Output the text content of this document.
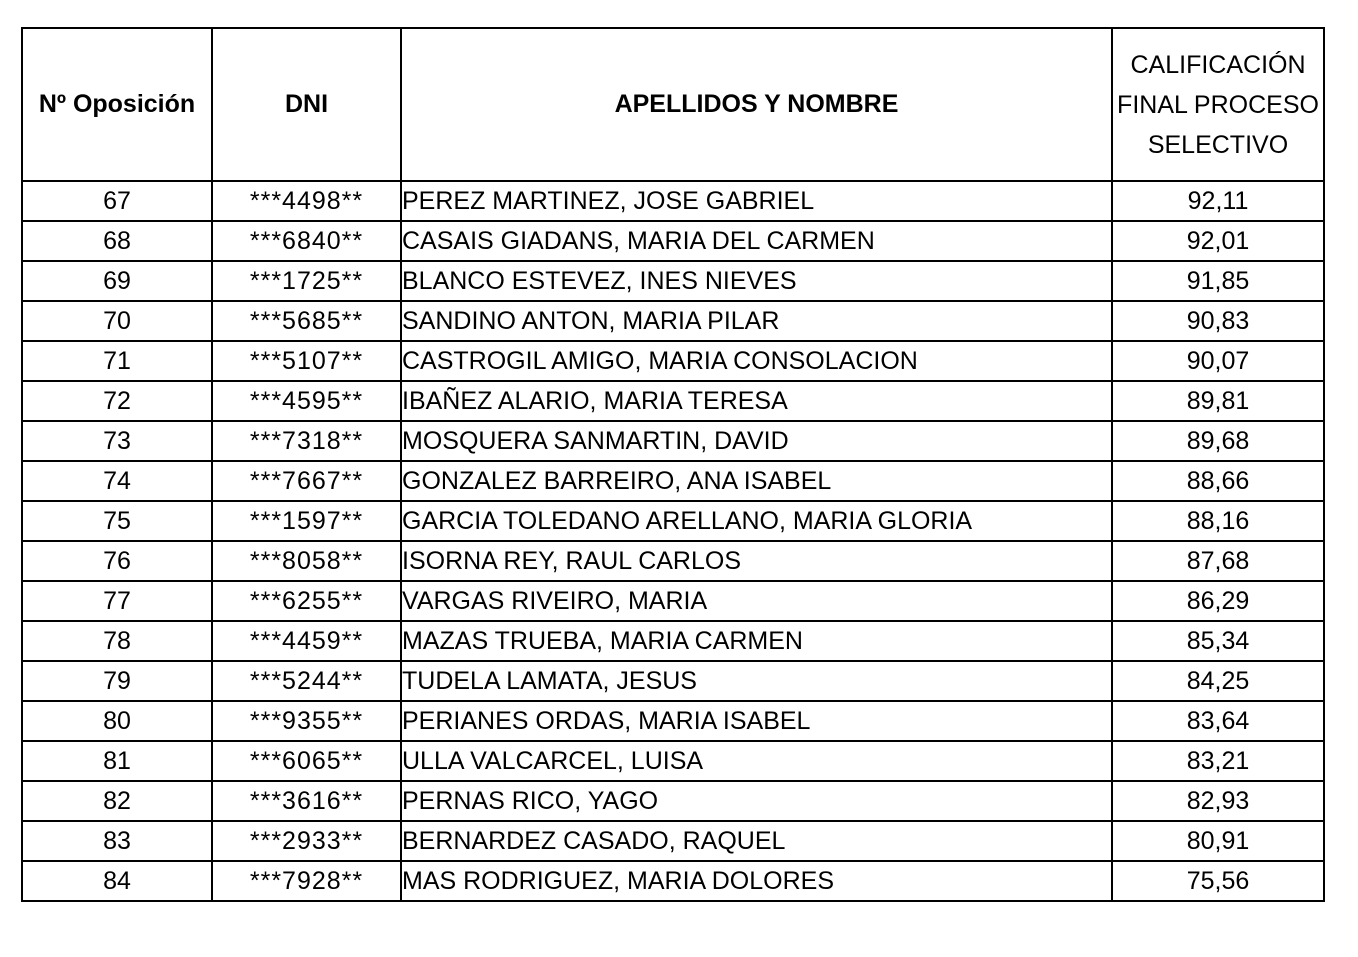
Nº Oposición	DNI	APELLIDOS Y NOMBRE	CALIFICACIÓN
FINAL PROCESO
SELECTIVO

67	***4498**	PEREZ MARTINEZ, JOSE GABRIEL	92,11
68	***6840**	CASAIS GIADANS, MARIA DEL CARMEN	92,01
69	***1725**	BLANCO ESTEVEZ, INES NIEVES	91,85
70	***5685**	SANDINO ANTON, MARIA PILAR	90,83
71	***5107**	CASTROGIL AMIGO, MARIA CONSOLACION	90,07
72	***4595**	IBAÑEZ ALARIO, MARIA TERESA	89,81
73	***7318**	MOSQUERA SANMARTIN, DAVID	89,68
74	***7667**	GONZALEZ BARREIRO, ANA ISABEL	88,66
75	***1597**	GARCIA TOLEDANO ARELLANO, MARIA GLORIA	88,16
76	***8058**	ISORNA REY, RAUL CARLOS	87,68
77	***6255**	VARGAS RIVEIRO, MARIA	86,29
78	***4459**	MAZAS TRUEBA, MARIA CARMEN	85,34
79	***5244**	TUDELA LAMATA, JESUS	84,25
80	***9355**	PERIANES ORDAS, MARIA ISABEL	83,64
81	***6065**	ULLA VALCARCEL, LUISA	83,21
82	***3616**	PERNAS RICO, YAGO	82,93
83	***2933**	BERNARDEZ CASADO, RAQUEL	80,91
84	***7928**	MAS RODRIGUEZ, MARIA DOLORES	75,56
